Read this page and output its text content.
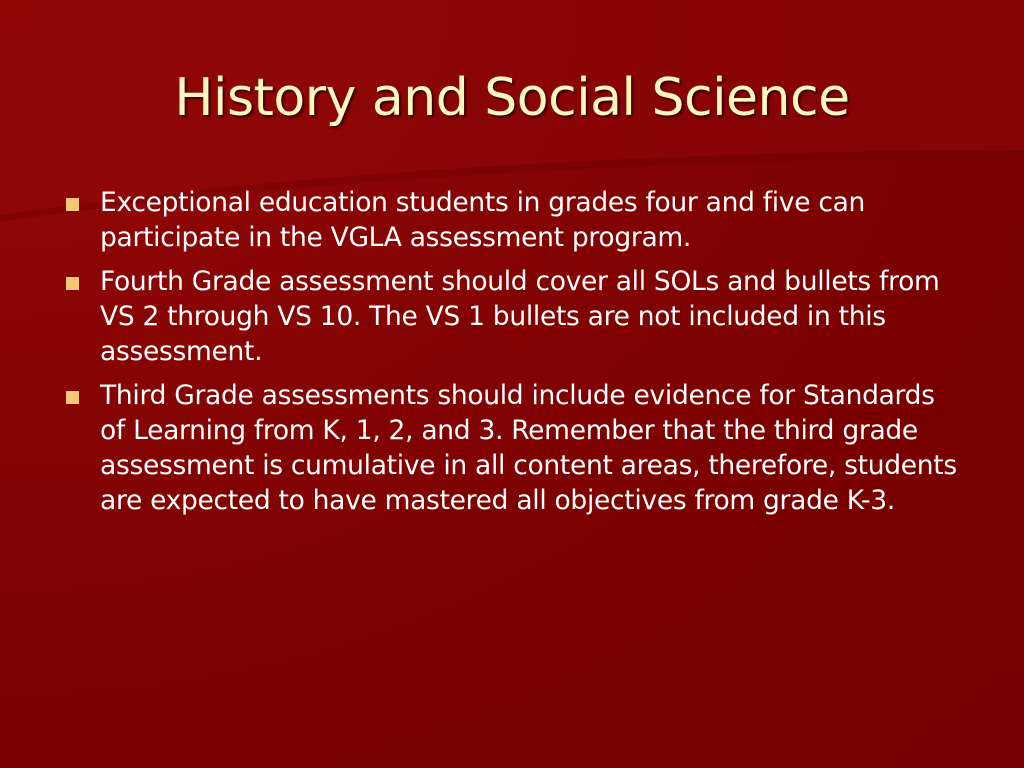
History and Social Science
Exceptional education students in grades four and five can participate in the VGLA assessment program.
Fourth Grade assessment should cover all SOLs and bullets from VS 2 through VS 10. The VS 1 bullets are not included in this assessment.
Third Grade assessments should include evidence for Standards of Learning from K, 1, 2, and 3. Remember that the third grade assessment is cumulative in all content areas, therefore, students are expected to have mastered all objectives from grade K-3.
